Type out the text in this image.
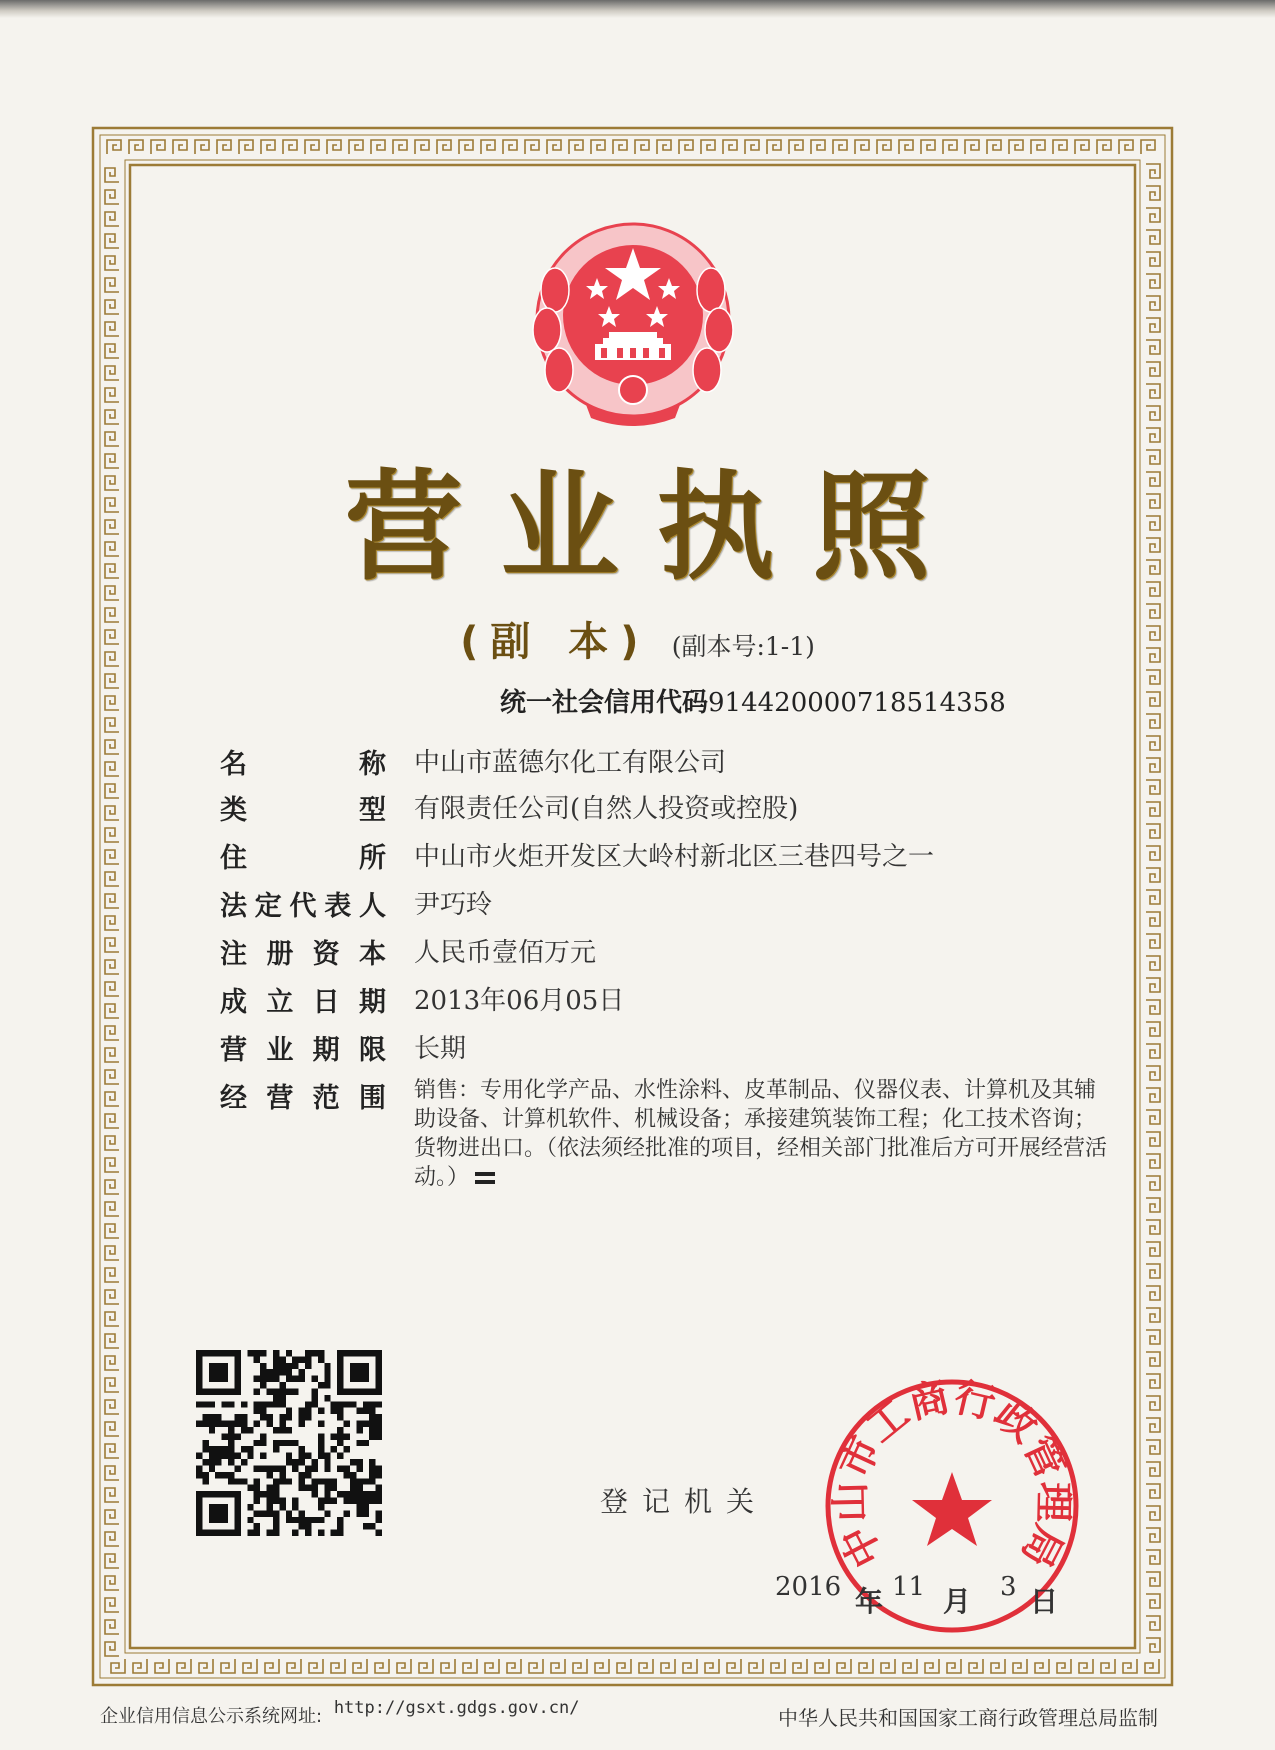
营业执照
(副 本) (副本号:1-1)
统一社会信用代码914420000718514358
名	称 中山市蓝德尔化工有限公司
类	型 有限责任公司(自然人投资或控股)
住	所 中山市火炬开发区大岭村新北区三巷四号之一
法 定 代 表 人 尹巧玲
注 册 资 本 人民币壹佰万元
成 立 日 期 2013年06月05日
营 业 期 限 长期
经 营 范 围 销售：专用化学产品、水性涂料、皮革制品、仪器仪表、计算机及其辅助设备、计算机软件、机械设备；承接建筑装饰工程；化工技术咨询；货物进出口。（依法须经批准的项目，经相关部门批准后方可开展经营活动。）
登记机关
中山市工商行政管理局
2016 年 11 月 3 日
企业信用信息公示系统网址: http://gsxt.gdgs.gov.cn/	中华人民共和国国家工商行政管理总局监制
